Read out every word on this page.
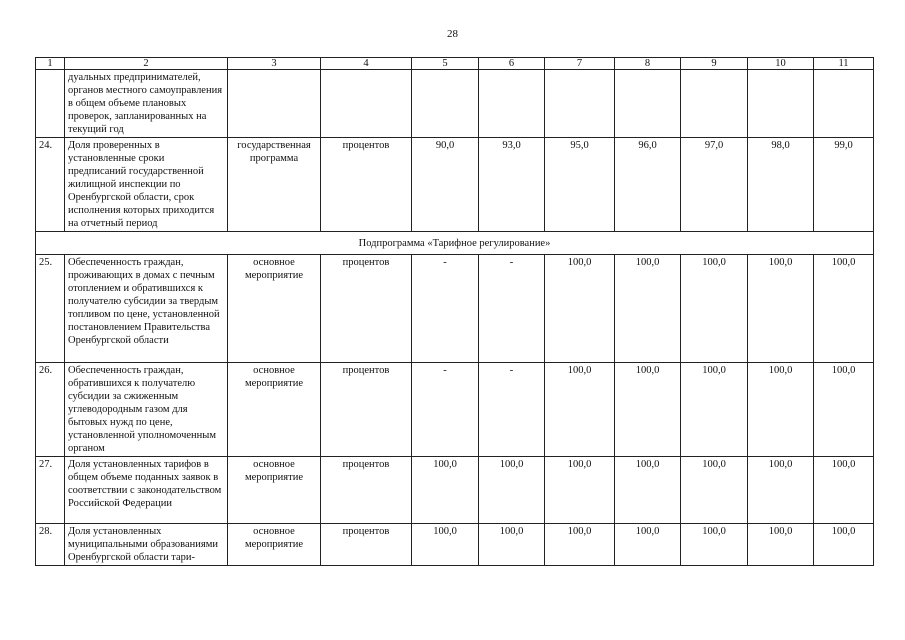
28
1	2	3	4	5	6	7	8	9	10	11
	дуальных предпринимателей, органов местного самоуправления в общем объеме плановых проверок, запланированных на текущий год									
24.	Доля проверенных в установленные сроки предписаний государственной жилищной инспекции по Оренбургской области, срок исполнения которых приходится на отчетный период	государственная программа	процентов	90,0	93,0	95,0	96,0	97,0	98,0	99,0
Подпрограмма «Тарифное регулирование»										
25.	Обеспеченность граждан, проживающих в домах с печным отоплением и обратившихся к получателю субсидии за твердым топливом по цене, установленной постановлением Правительства Оренбургской области	основное мероприятие	процентов	-	-	100,0	100,0	100,0	100,0	100,0
26.	Обеспеченность граждан, обратившихся к получателю субсидии за сжиженным углеводородным газом для бытовых нужд по цене, установленной уполномоченным органом	основное мероприятие	процентов	-	-	100,0	100,0	100,0	100,0	100,0
27.	Доля установленных тарифов в общем объеме поданных заявок в соответствии с законодательством Российской Федерации	основное мероприятие	процентов	100,0	100,0	100,0	100,0	100,0	100,0	100,0
28.	Доля установленных муниципальными образованиями Оренбургской области тари-	основное мероприятие	процентов	100,0	100,0	100,0	100,0	100,0	100,0	100,0
